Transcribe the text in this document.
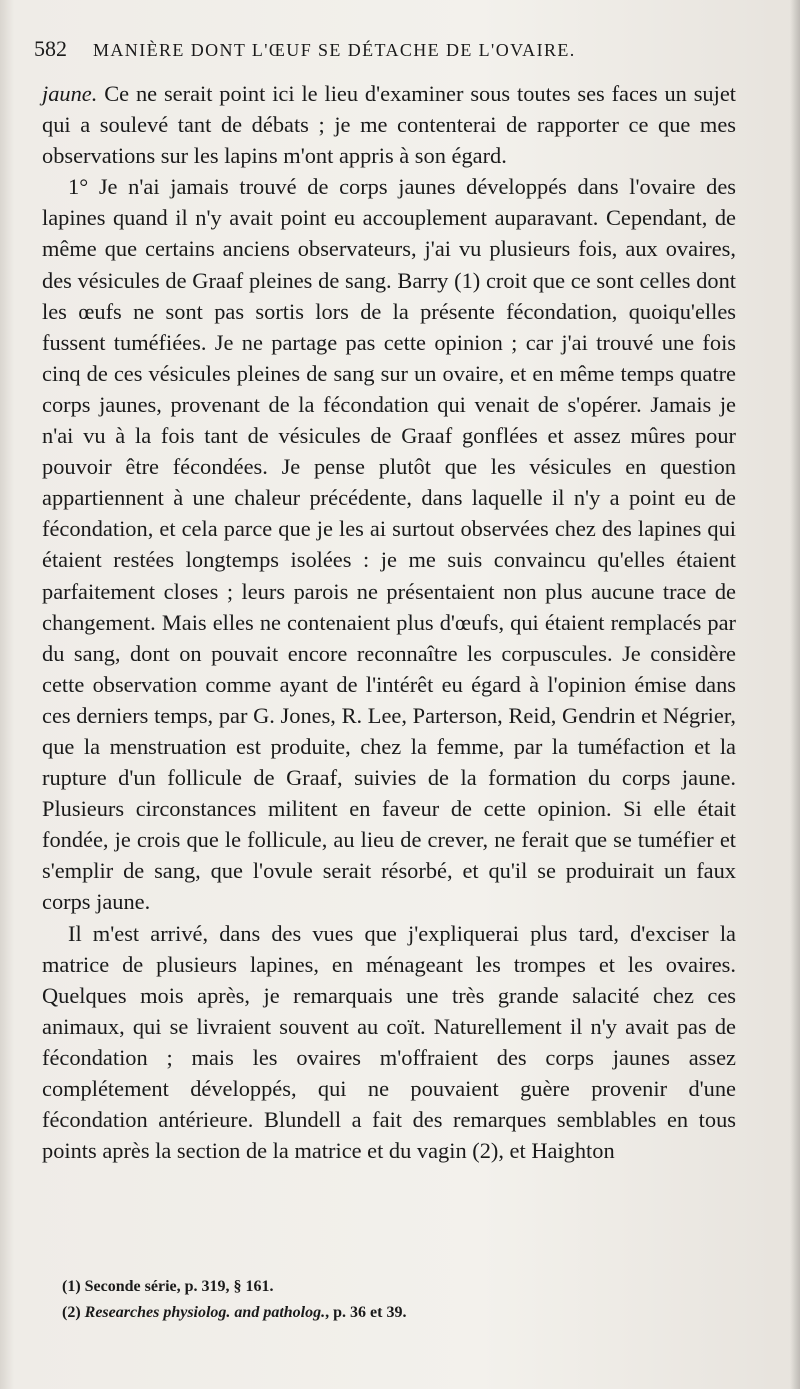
582 MANIÈRE DONT L'ŒUF SE DÉTACHE DE L'OVAIRE.

jaune. Ce ne serait point ici le lieu d'examiner sous toutes ses faces un sujet qui a soulevé tant de débats ; je me contenterai de rapporter ce que mes observations sur les lapins m'ont appris à son égard.

1° Je n'ai jamais trouvé de corps jaunes développés dans l'ovaire des lapines quand il n'y avait point eu accouplement auparavant. Cependant, de même que certains anciens observateurs, j'ai vu plusieurs fois, aux ovaires, des vésicules de Graaf pleines de sang. Barry (1) croit que ce sont celles dont les œufs ne sont pas sortis lors de la présente fécondation, quoiqu'elles fussent tuméfiées. Je ne partage pas cette opinion ; car j'ai trouvé une fois cinq de ces vésicules pleines de sang sur un ovaire, et en même temps quatre corps jaunes, provenant de la fécondation qui venait de s'opérer. Jamais je n'ai vu à la fois tant de vésicules de Graaf gonflées et assez mûres pour pouvoir être fécondées. Je pense plutôt que les vésicules en question appartiennent à une chaleur précédente, dans laquelle il n'y a point eu de fécondation, et cela parce que je les ai surtout observées chez des lapines qui étaient restées longtemps isolées : je me suis convaincu qu'elles étaient parfaitement closes ; leurs parois ne présentaient non plus aucune trace de changement. Mais elles ne contenaient plus d'œufs, qui étaient remplacés par du sang, dont on pouvait encore reconnaître les corpuscules. Je considère cette observation comme ayant de l'intérêt eu égard à l'opinion émise dans ces derniers temps, par G. Jones, R. Lee, Parterson, Reid, Gendrin et Négrier, que la menstruation est produite, chez la femme, par la tuméfaction et la rupture d'un follicule de Graaf, suivies de la formation du corps jaune. Plusieurs circonstances militent en faveur de cette opinion. Si elle était fondée, je crois que le follicule, au lieu de crever, ne ferait que se tuméfier et s'emplir de sang, que l'ovule serait résorbé, et qu'il se produirait un faux corps jaune.

Il m'est arrivé, dans des vues que j'expliquerai plus tard, d'exciser la matrice de plusieurs lapines, en ménageant les trompes et les ovaires. Quelques mois après, je remarquais une très grande salacité chez ces animaux, qui se livraient souvent au coït. Naturellement il n'y avait pas de fécondation ; mais les ovaires m'offraient des corps jaunes assez complétement développés, qui ne pouvaient guère provenir d'une fécondation antérieure. Blundell a fait des remarques semblables en tous points après la section de la matrice et du vagin (2), et Haighton

(1) Seconde série, p. 319, § 161.

(2) Researches physiolog. and patholog., p. 36 et 39.
